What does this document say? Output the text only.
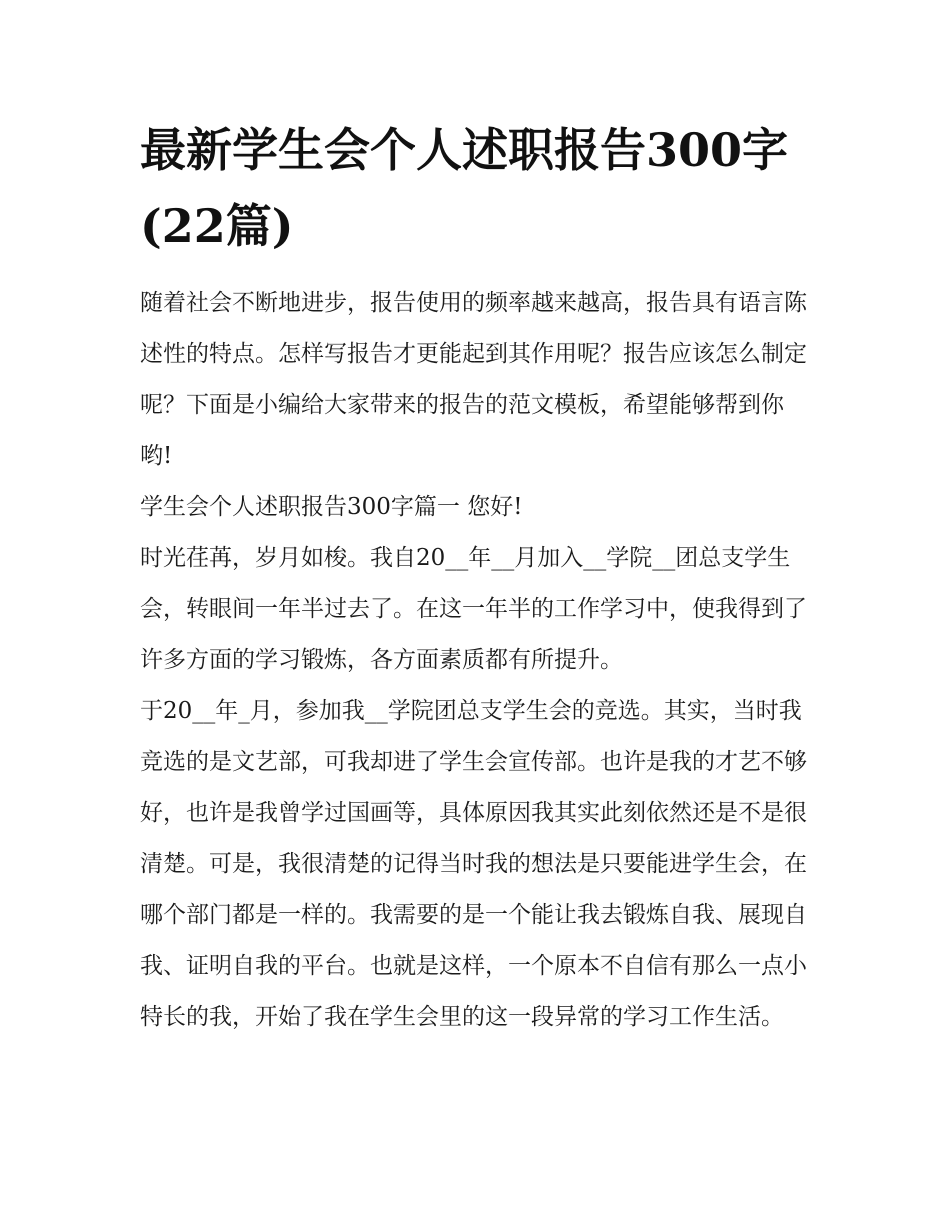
最新学生会个人述职报告300字(22篇)

随着社会不断地进步，报告使用的频率越来越高，报告具有语言陈述性的特点。怎样写报告才更能起到其作用呢？报告应该怎么制定呢？下面是小编给大家带来的报告的范文模板，希望能够帮到你哟!

学生会个人述职报告300字篇一 您好!

时光荏苒，岁月如梭。我自20__年__月加入__学院__团总支学生会，转眼间一年半过去了。在这一年半的工作学习中，使我得到了许多方面的学习锻炼，各方面素质都有所提升。

于20__年_月，参加我__学院团总支学生会的竞选。其实，当时我竞选的是文艺部，可我却进了学生会宣传部。也许是我的才艺不够好，也许是我曾学过国画等，具体原因我其实此刻依然还是不是很清楚。可是，我很清楚的记得当时我的想法是只要能进学生会，在哪个部门都是一样的。我需要的是一个能让我去锻炼自我、展现自我、证明自我的平台。也就是这样，一个原本不自信有那么一点小特长的我，开始了我在学生会里的这一段异常的学习工作生活。
